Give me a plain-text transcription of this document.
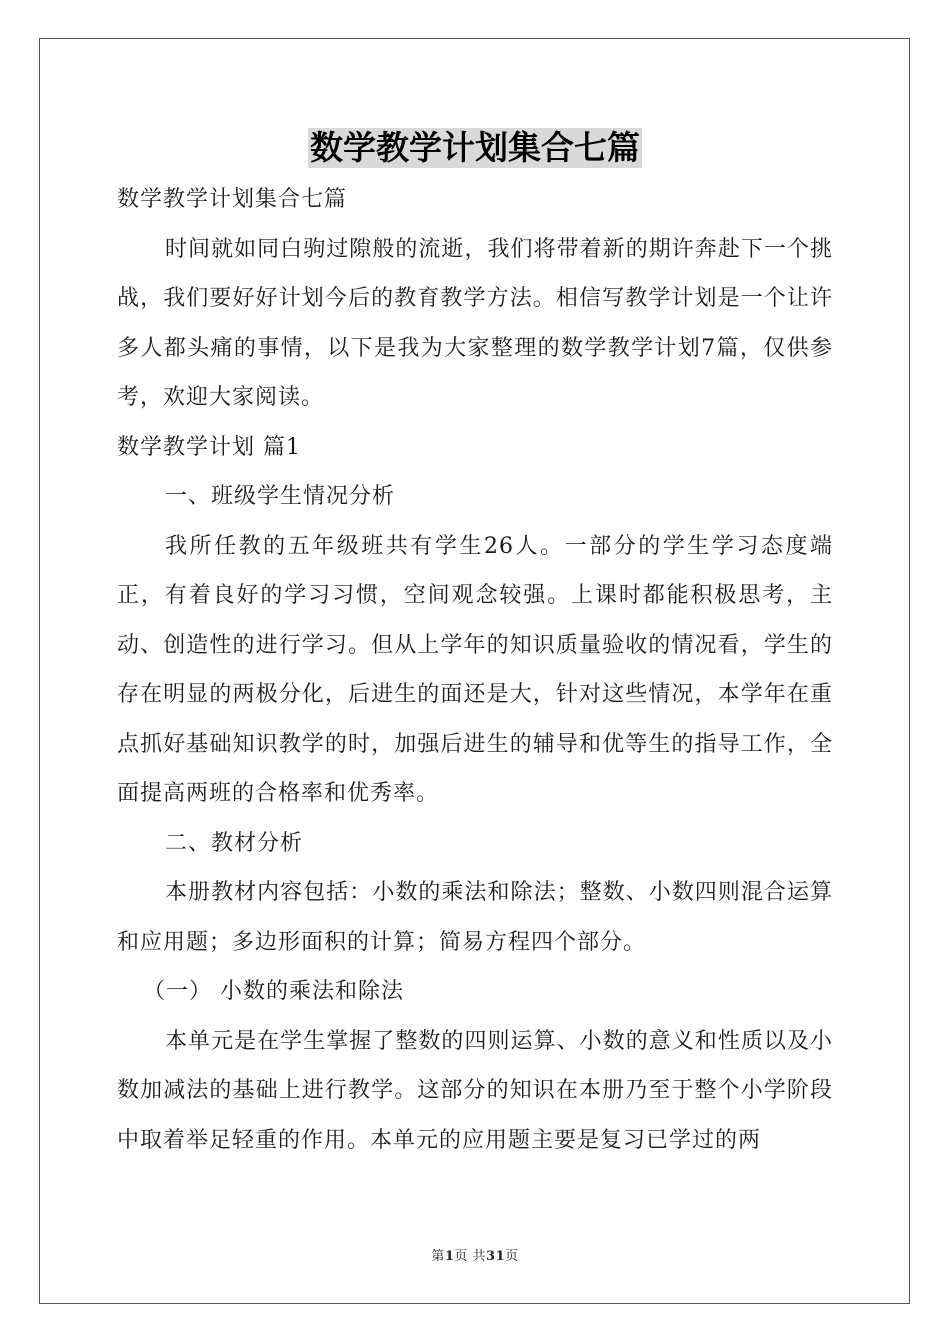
数学教学计划集合七篇

数学教学计划集合七篇

时间就如同白驹过隙般的流逝，我们将带着新的期许奔赴下一个挑战，我们要好好计划今后的教育教学方法。相信写教学计划是一个让许多人都头痛的事情，以下是我为大家整理的数学教学计划7篇，仅供参考，欢迎大家阅读。

数学教学计划 篇1

一、班级学生情况分析

我所任教的五年级班共有学生26人。一部分的学生学习态度端正，有着良好的学习习惯，空间观念较强。上课时都能积极思考，主动、创造性的进行学习。但从上学年的知识质量验收的情况看，学生的存在明显的两极分化，后进生的面还是大，针对这些情况，本学年在重点抓好基础知识教学的时，加强后进生的辅导和优等生的指导工作，全面提高两班的合格率和优秀率。

二、教材分析

本册教材内容包括：小数的乘法和除法；整数、小数四则混合运算和应用题；多边形面积的计算；简易方程四个部分。

（一） 小数的乘法和除法

本单元是在学生掌握了整数的四则运算、小数的意义和性质以及小数加减法的基础上进行教学。这部分的知识在本册乃至于整个小学阶段中取着举足轻重的作用。本单元的应用题主要是复习已学过的两

第1页 共31页
